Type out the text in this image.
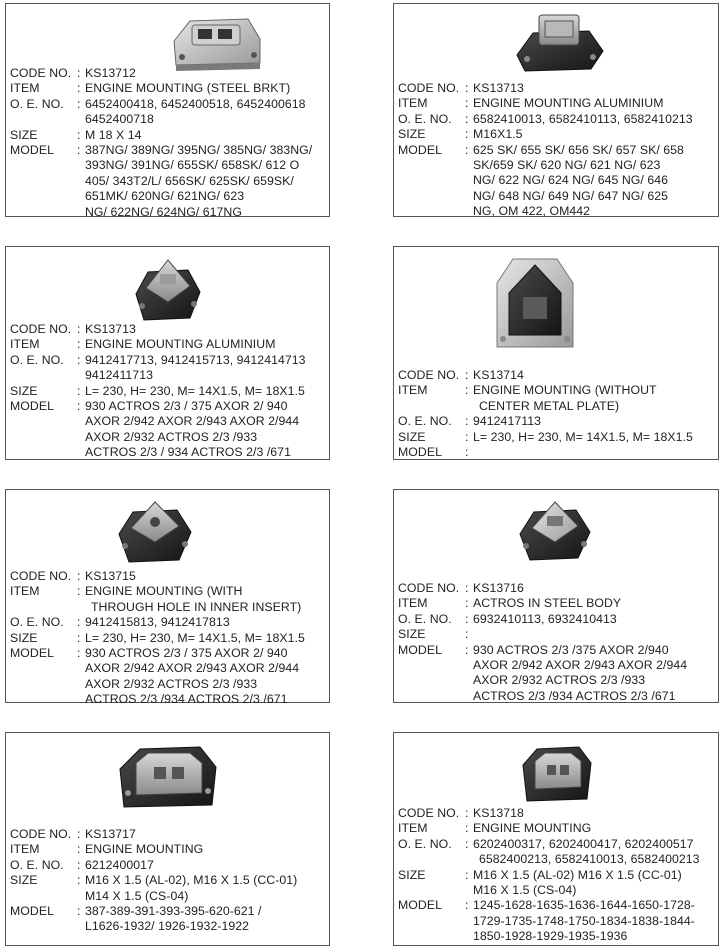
CODE NO. : KS13712
ITEM	: ENGINE MOUNTING (STEEL BRKT)
O. E. NO.	: 6452400418, 6452400518, 6452400618
6452400718
SIZE	: M 18 X 14
MODEL	: 387NG/ 389NG/ 395NG/ 385NG/ 383NG/
393NG/ 391NG/ 655SK/ 658SK/ 612 O
405/ 343T2/L/ 656SK/ 625SK/ 659SK/
651MK/ 620NG/ 621NG/ 623
NG/ 622NG/ 624NG/ 617NG
CODE NO. : KS13713
ITEM	: ENGINE MOUNTING ALUMINIUM
O. E. NO.	: 6582410013, 6582410113, 6582410213
SIZE	: M16X1.5
MODEL	: 625 SK/ 655 SK/ 656 SK/ 657 SK/ 658
SK/659 SK/ 620 NG/ 621 NG/ 623
NG/ 622 NG/ 624 NG/ 645 NG/ 646
NG/ 648 NG/ 649 NG/ 647 NG/ 625
NG, OM 422, OM442
CODE NO. : KS13713
ITEM	: ENGINE MOUNTING ALUMINIUM
O. E. NO.	: 9412417713, 9412415713, 9412414713
9412411713
SIZE	: L= 230, H= 230, M= 14X1.5, M= 18X1.5
MODEL	: 930 ACTROS 2/3 / 375 AXOR 2/ 940
AXOR 2/942 AXOR 2/943 AXOR 2/944
AXOR 2/932 ACTROS 2/3 /933
ACTROS 2/3 / 934 ACTROS 2/3 /671
CODE NO. : KS13714
ITEM	: ENGINE MOUNTING (WITHOUT
CENTER METAL PLATE)
O. E. NO.	: 9412417113
SIZE	: L= 230, H= 230, M= 14X1.5, M= 18X1.5
MODEL	:
CODE NO. : KS13715
ITEM	: ENGINE MOUNTING (WITH
THROUGH HOLE IN INNER INSERT)
O. E. NO.	: 9412415813, 9412417813
SIZE	: L= 230, H= 230, M= 14X1.5, M= 18X1.5
MODEL	: 930 ACTROS 2/3 / 375 AXOR 2/ 940
AXOR 2/942 AXOR 2/943 AXOR 2/944
AXOR 2/932 ACTROS 2/3 /933
ACTROS 2/3 /934 ACTROS 2/3 /671
CODE NO. : KS13716
ITEM	: ACTROS IN STEEL BODY
O. E. NO.	: 6932410113, 6932410413
SIZE	:
MODEL	: 930 ACTROS 2/3 /375 AXOR 2/940
AXOR 2/942 AXOR 2/943 AXOR 2/944
AXOR 2/932 ACTROS 2/3 /933
ACTROS 2/3 /934 ACTROS 2/3 /671
CODE NO. : KS13717
ITEM	: ENGINE MOUNTING
O. E. NO.	: 6212400017
SIZE	: M16 X 1.5 (AL-02), M16 X 1.5 (CC-01)
M14 X 1.5 (CS-04)
MODEL	: 387-389-391-393-395-620-621 /
L1626-1932/ 1926-1932-1922
CODE NO. : KS13718
ITEM	: ENGINE MOUNTING
O. E. NO.	: 6202400317, 6202400417, 6202400517
6582400213, 6582410013, 6582400213
SIZE	: M16 X 1.5 (AL-02) M16 X 1.5 (CC-01)
M16 X 1.5 (CS-04)
MODEL	: 1245-1628-1635-1636-1644-1650-1728-
1729-1735-1748-1750-1834-1838-1844-
1850-1928-1929-1935-1936
